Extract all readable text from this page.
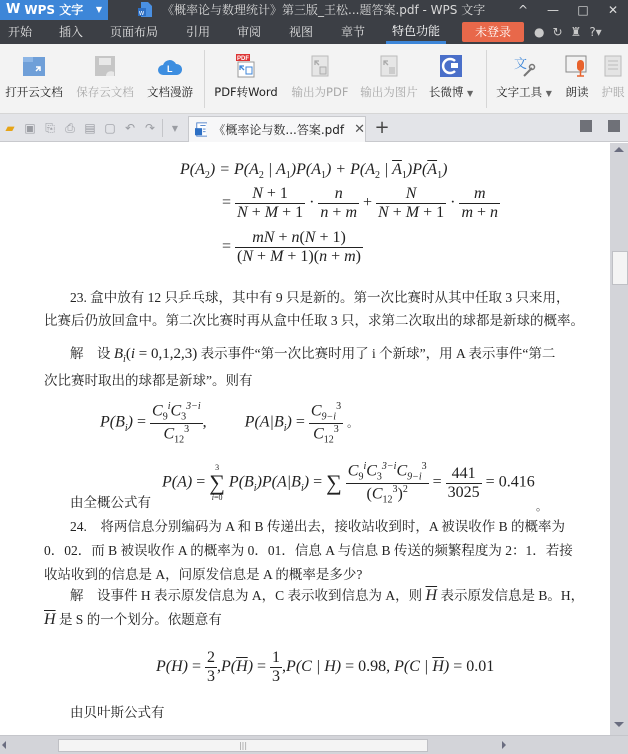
W WPS 文字 ▼	w 《概率论与数理统计》第三版_王松...题答案.pdf - WPS 文字	^	—	□	✕
开始	插入	页面布局	引用	审阅	视图	章节	特色功能	未登录	● ↻ ♜ ?▾
打开云文档	保存云文档
L
文档漫游
PDF
PDF转Word	输出为PDF	输出为图片 长微博 ▼
文
文字工具 ▼	朗读	护眼
▰ ▣ ⎘ ⎙ ▤ ▢ ↶ ↷	▼	《概率论与数...答案.pdf ✕ +
$P(A_2) = P(A_2$ | $A_1)P(A_1) + P(A_2$ | $\overline{A}_1)P(\overline{A}_1)$
= $\frac{N + 1}{N + M + 1} \cdot \frac{n}{n + m} + \frac{N}{N + M + 1} \cdot \frac{m}{m + n}$
= $\frac{mN + n(N + 1)}{(N + M + 1)(n + m)}$
23. 盒中放有 12 只乒乓球，其中有 9 只是新的。第一次比赛时从其中任取 3 只来用，
比赛后仍放回盒中。第二次比赛时再从盒中任取 3 只，求第二次取出的球都是新球的概率。
解　设 $B_i(i = 0,1,2,3)$ 表示事件“第一次比赛时用了 i 个新球”，用 A 表示事件“第二
次比赛时取出的球都是新球”。则有
$P(B_i) = \frac{C_9^iC_3^{3-i}}{C_{12}^3}$ ,  $P(A|B_i) = \frac{C_{9-i}^3}{C_{12}^3}$ 。
由全概公式有
P(A) =
3
∑
i=0
$P(B_i)P(A|B_i)$ = ∑ $\frac{C_9^iC_3^{3-i}C_{9-i}^3}{(C_{12}^3)^2} = \frac{441}{3025} = 0.416$
。
24.　将两信息分别编码为 A 和 B 传递出去，接收站收到时，A 被误收作 B 的概率为
0．02．而 B 被误收作 A 的概率为 0．01．信息 A 与信息 B 传送的频繁程度为 2：1．若接
收站收到的信息是 A，问原发信息是 A 的概率是多少?
解　设事件 H 表示原发信息为 A，C 表示收到信息为 A，则 $\overline{H}$ 表示原发信息是 B。H，
$\overline{H}$ 是 S 的一个划分。依题意有
$P(H) = \frac{2}{3} ,P(\overline{H}) = \frac{1}{3} ,P(C$ | H) = 0.98, P(C | $\overline{H}) = 0.01$
由贝叶斯公式有
|||
